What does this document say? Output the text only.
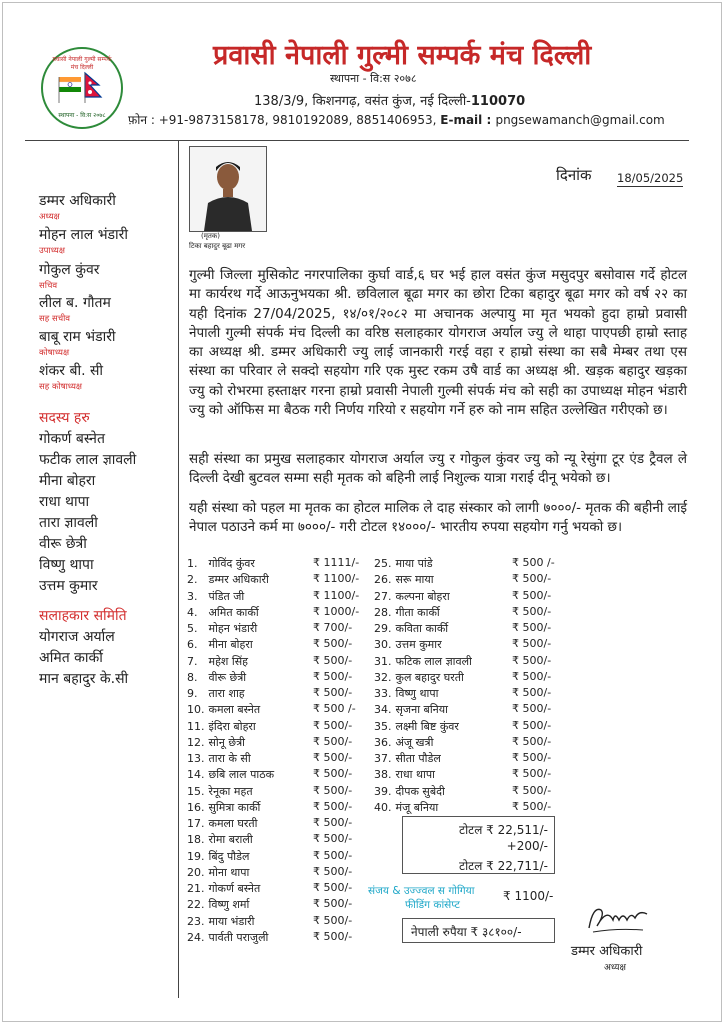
प्रवासी नेपाली गुल्मी सम्पर्क मंच दिल्ली
स्थापना - वि:स २०७८
प्रवासी नेपाली गुल्मी सम्पर्क मंच दिल्ली
स्थापना - वि:स २०७८
138/3/9, किशनगढ़, वसंत कुंज, नई दिल्ली-110070
फ़ोन : +91-9873158178, 9810192089, 8851406953, E-mail : pngsewamanch@gmail.com
डम्मर अधिकारी
अध्यक्ष
मोहन लाल भंडारी
उपाध्यक्ष
गोकुल कुंवर
सचिव
लील ब. गौतम
सह सचीव
बाबू राम भंडारी
कोषाध्यक्ष
शंकर बी. सी
सह कोषाध्यक्ष
सदस्य हरु
गोकर्ण बस्नेत
फटीक लाल ज्ञावली
मीना बोहरा
राधा थापा
तारा ज्ञावली
वीरू छेत्री
विष्णु थापा
उत्तम कुमार
सलाहकार समिति
योगराज अर्याल
अमित कार्की
मान बहादुर के.सी
(मृतक)
टिका बहादुर बूढा मगर
दिनांक 18/05/2025
गुल्मी जिल्ला मुसिकोट नगरपालिका कुर्घा वार्ड,६ घर भई हाल वसंत कुंज मसुदपुर बसोवास गर्दे होटल मा कार्यरथ गर्दे आऊनुभयका श्री. छविलाल बूढा मगर का छोरा टिका बहादुर बूढा मगर को वर्ष २२ का यही दिनांक 27/04/2025, १४/०१/२०८२ मा अचानक अल्पायु मा मृत भयको हुदा हाम्रो प्रवासी नेपाली गुल्मी संपर्क मंच दिल्ली का वरिष्ठ सलाहकार योगराज अर्याल ज्यु ले थाहा पाएपछी हाम्रो स्ताह का अध्यक्ष श्री. डम्मर अधिकारी ज्यु लाई जानकारी गरई वहा र हाम्रो संस्था का सबै मेम्बर तथा एस संस्था का परिवार ले सक्दो सहयोग गरि एक मुस्ट रकम उषै वार्ड का अध्यक्ष श्री. खड़क बहादुर खड़का ज्यु को रोभरमा हस्ताक्षर गरना हाम्रो प्रवासी नेपाली गुल्मी संपर्क मंच को सही का उपाध्यक्ष मोहन भंडारी ज्यु को ऑफिस मा बैठक गरी निर्णय गरियो र सहयोग गर्ने हरु को नाम सहित उल्लेखित गरीएको छ।
सही संस्था का प्रमुख सलाहकार योगराज अर्याल ज्यु र गोकुल कुंवर ज्यु को न्यू रेसुंगा टूर एंड ट्रैवल ले दिल्ली देखी बुटवल सम्मा सही मृतक को बहिनी लाई निशुल्क यात्रा गराई दीनू भयेको छ।
यही संस्था को पहल मा मृतक का होटल मालिक ले दाह संस्कार को लागी ७०००/- मृतक की बहीनी लाई नेपाल पठाउने कर्म मा ७०००/- गरी टोटल १४०००/- भारतीय रुपया सहयोग गर्नु भयको छ।
1. गोविंद कुंवर	₹ 1111/-
2. डम्मर अधिकारी	₹ 1100/-
3. पंडित जी	₹ 1100/-
4. अमित कार्की	₹ 1000/-
5. मोहन भंडारी	₹ 700/-
6. मीना बोहरा	₹ 500/-
7. महेश सिंह	₹ 500/-
8. वीरू छेत्री	₹ 500/-
9. तारा शाह	₹ 500/-
10. कमला बस्नेत	₹ 500 /-
11. इंदिरा बोहरा	₹ 500/-
12. सोनू छेत्री	₹ 500/-
13. तारा के सी	₹ 500/-
14. छबि लाल पाठक	₹ 500/-
15. रेनूका महत	₹ 500/-
16. सुमित्रा कार्की	₹ 500/-
17. कमला घरती	₹ 500/-
18. रोमा बराली	₹ 500/-
19. बिंदु पौडेल	₹ 500/-
20. मोना थापा	₹ 500/-
21. गोकर्ण बस्नेत	₹ 500/-
22. विष्णु शर्मा	₹ 500/-
23. माया भंडारी	₹ 500/-
24. पार्वती पराजुली	₹ 500/-
25. माया पांडे	₹ 500 /-
26. सरू माया	₹ 500/-
27. कल्पना बोहरा	₹ 500/-
28. गीता कार्की	₹ 500/-
29. कविता कार्की	₹ 500/-
30. उत्तम कुमार	₹ 500/-
31. फटिक लाल ज्ञावली	₹ 500/-
32. कुल बहादुर घरती	₹ 500/-
33. विष्णु थापा	₹ 500/-
34. सृजना बनिया	₹ 500/-
35. लक्ष्मी बिष्ट कुंवर	₹ 500/-
36. अंजू खत्री	₹ 500/-
37. सीता पौडेल	₹ 500/-
38. राधा थापा	₹ 500/-
39. दीपक सुबेदी	₹ 500/-
40. मंजू बनिया	₹ 500/-
टोटल ₹ 22,511/-
+200/-
टोटल ₹ 22,711/-
संजय & उज्ज्वल स गोगिया
फीडिंग कांसेप्ट
₹ 1100/-
नेपाली रुपैया ₹ ३८१००/-
डम्मर अधिकारी
अध्यक्ष
